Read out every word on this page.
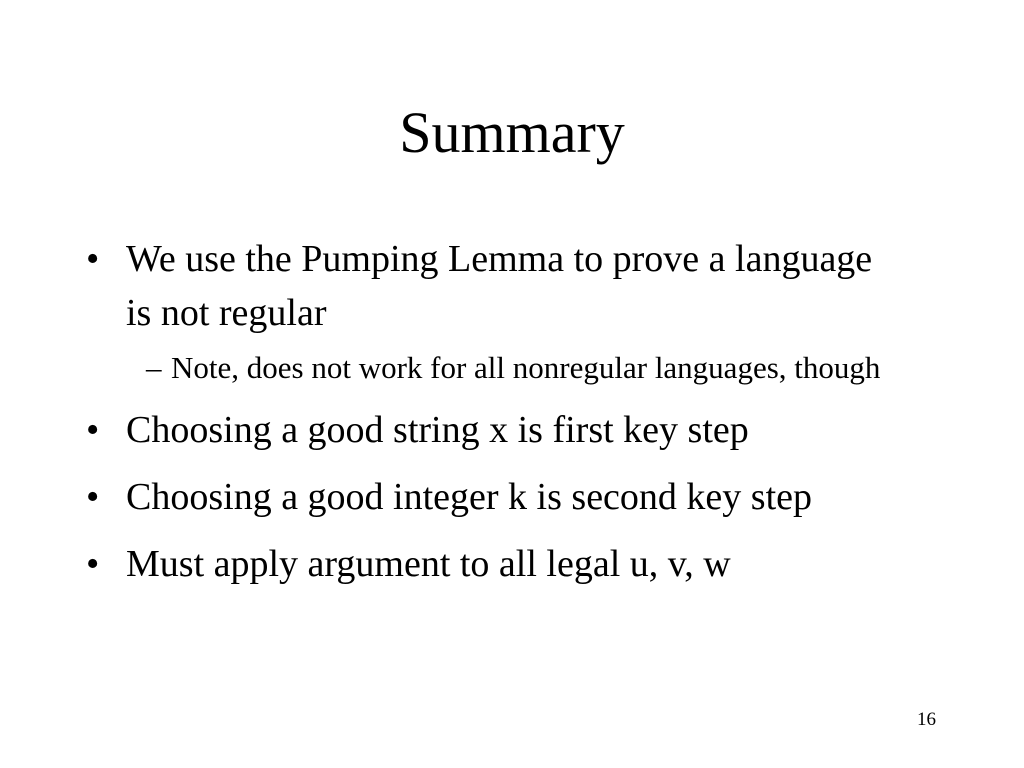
Summary
• We use the Pumping Lemma to prove a language is not regular
– Note, does not work for all nonregular languages, though
• Choosing a good string x is first key step
• Choosing a good integer k is second key step
• Must apply argument to all legal u, v, w
16
